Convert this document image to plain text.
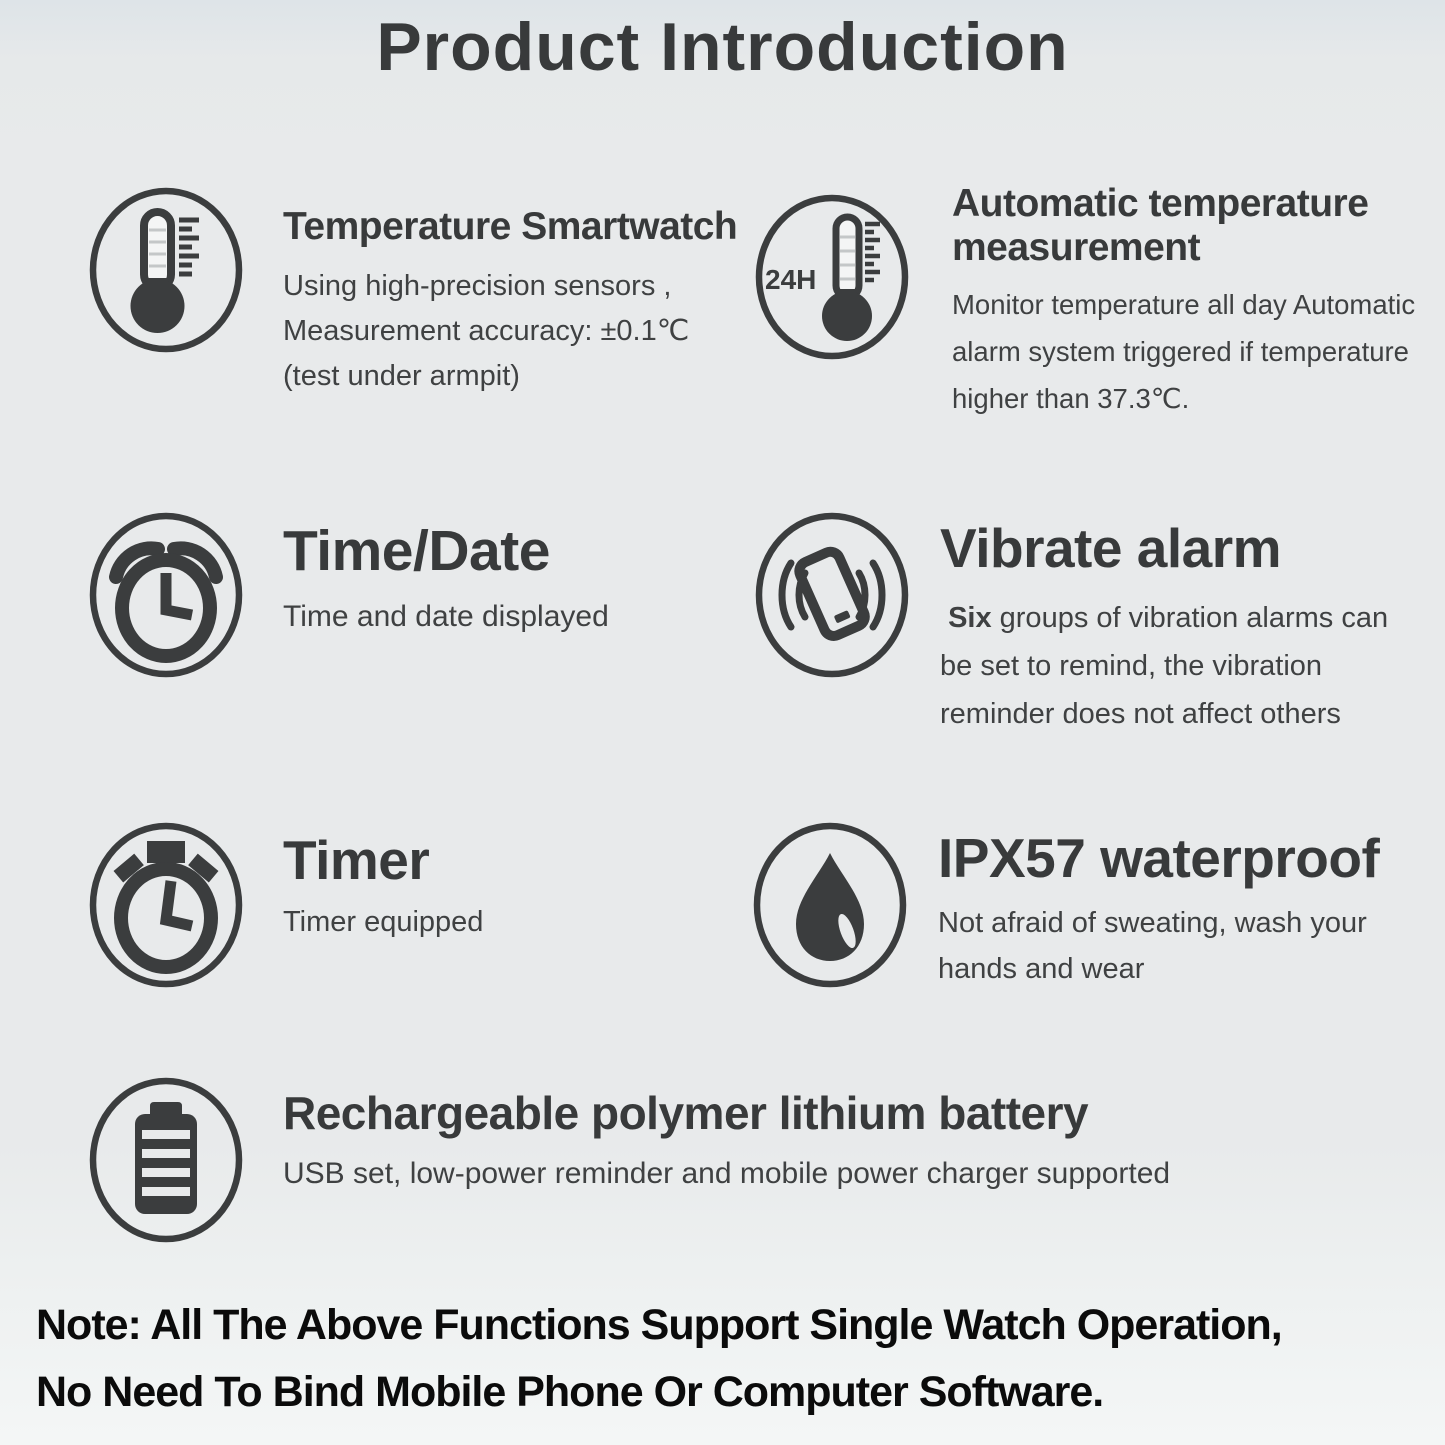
Product Introduction
Temperature Smartwatch
Using high-precision sensors ,
Measurement accuracy: ±0.1℃
(test under armpit)
24H
Automatic temperature
measurement
Monitor temperature all day Automatic
alarm system triggered if temperature
higher than 37.3℃.
Time/Date
Time and date displayed
Vibrate alarm
Six groups of vibration alarms can
be set to remind, the vibration
reminder does not affect others
Timer
Timer equipped
IPX57 waterproof
Not afraid of sweating, wash your
hands and wear
Rechargeable polymer lithium battery
USB set, low-power reminder and mobile power charger supported
Note: All The Above Functions Support Single Watch Operation,
No Need To Bind Mobile Phone Or Computer Software.
